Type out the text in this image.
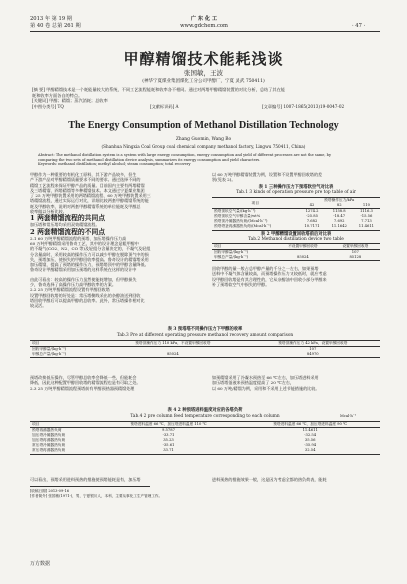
2013 年 第 19 期
第 40 卷 总第 261 期
广 东 化 工
www.gdchem.com	· 47 ·
甲醇精馏技术能耗浅谈
张国敏，王波
(神华宁夏煤业集团煤化工分公司甲醇厂，宁夏 灵武 750411)
[摘 要] 甲醇精馏技术是一个耗能量较大的系统，不同工艺流程能耗和收率各不相同。通过对两塔甲醇精馏装置的对比分析，总结了其在能
耗和收率方面各自的特点。
[关键词] 甲醇；精馏；蒸汽消耗；总收率
[中图分类号] TQ	[文献标识码] A	[文章编号] 1007-1865(2013)19-0047-02
The Energy Consumption of Methanol Distillation Technology
Zhang Guomin, Wang Bo
(Shanhua Ningxia Coal Group coal chemical company methanol factory, Lingwu 750411, China)
Abstract: The methanol distillation system is a system with large energy consumption, energy consumption and yield of different processes are not the same, by
comparing the two sets of methanol distillation device analysis, summarizes its energy consumption and yield characters.
Keywords: methanol distillation; methyl alcohol; steam consumption; total recovery
甲醇作为一种重要的有机化工原料，其下游产品较多，但生
产下游产品对甲醇精馏质量要求不同的要求。通过选择不同的
精馏工艺流程来保证甲醇产品的质量。目前国内主要有两塔精馏
及三塔精馏、四塔精馏等多种精馏技术。本文通过宁夏煤业集团
了 25 万吨甲醇装置采用的两塔精馏流程、60 万吨甲醇装置采用三
塔精馏流程，通过实际运行对比，详细比较两套甲醇精馏系统的能
耗及甲醇收率，说明对两套甲醇精馏系统的单位能耗及甲醇总
收率做以分析比较。
1 两套精馏流程的共同点
加压塔和常压塔均采用双效精馏流程。
2 两套精馏流程的不同点
2.1 60 万吨甲醇精馏流程的预塔、加压塔操作压力高
60 万吨甲醇精馏采用鲁奇工艺，其中的设计理念是粗甲醇中
的不凝气(CO2、N2、CO 等)及轻组分含量决定的，不凝气及轻组
分含量高时，采用较高的操作压力可以减少甲醇在脱除顶气中的损
失，预塔加压，使损失的甲醇回收率提高。鲁奇设计的精馏塔采用
加压精馏，提高了预塔的操作压力，预塔塔顶中的甲醇含量降低。
鲁奇设计甲醇精馏采用加压预塔的这样系统在这样的设计中
由此可看出：较高的操作压力虽然使能耗增加，但甲醇损失
少，鲁奇选择了高操作压力高甲醇收率的方案。
2.2 25 万吨甲醇精馏流程设置有甲醇回收塔
设置甲醇回收塔的好处是：常压塔侧线采出的杂醇油送到回收
塔回收甲醇后可以提高甲醇的总收率。此外，常压塔操作相对比
较灵活。
以 60 万吨甲醇精馏装置为例，设置和不设置甲醇回收塔的差
别(见表 2)。
表 1 三种操作压力下预塔软空气对比表
Tab.1 3 kinds of operation pressure pre top table of air
项目	预塔操作压力/kPa		
	42	82	110
预塔顶软空气量/(kg·h⁻¹)	1274.2	1158.8	1116.3
预塔顶软空气甲醇含量/wt%	-25.85	-18.47	-15.56
预塔顶冷凝器热负荷/(Mcal·h⁻¹)	7.682	7.692	7.713
预塔塔釜再沸器热负荷/(Mcal·h⁻¹)	10.7171	11.1642	11.4611
表 2 甲醇精馏设置回收塔前后对比表
Tab.2 Methanol distillation device two table
项目	不设置甲醇回收塔	设置甲醇回收塔
回收甲醇量/(kg·h⁻¹)		107
甲醇总产量/(kg·h⁻¹)	85024	85128
回收甲醇的量一般占总甲醇产量的千分之一左右，如果预塔
送料中不凝气体含量较高，而预塔操作压力又较低时，就应考虑
设甲醇回收塔是有其合理性的，它从杂醇油中回收小部分甲醇来
补了预塔软空气中损失的甲醇。
表 3 预塔塔不同操作压力下甲醇的收率
Tab.3 Pre at different operating pressure methanol recovery amount comparison
项目	预塔顶操作压力 110 kPa，不设置甲醇回收塔	预塔顶操作压力 42 kPa，设置甲醇回收塔
回收甲醇量/(kg·h⁻¹)		107
甲醇总产量/(kg·h⁻¹)	85024	84970
预塔改换低压操作，尽管甲醇总收率会降低一些，但能耗会
降低，因此这种配置甲醇回收塔的精馏流程也是有可取之处。
2.3 25 万吨甲醇精馏流程预塔前有甲醇预热器预精馏处理
如预精馏采用了冷凝水预热至 66 ℃左右，加压塔进料采用
加压塔塔釜液来预热温度提高了 20 ℃左右，
以 60 万吨/精馏为例，采用和不采用上述节能措施的比较。
表 4 2 种预塔进料温度对应的各塔负荷
Tab.4 2 pre column feed temperature corresponding to each column	Mcal·h⁻¹
项目	预塔进料温度 66 ℃，加压塔进料温度 110 ℃	预塔进料温度 66 ℃，加压塔进料温度 90 ℃
预塔再沸器热负荷	9.5787	11.4611
加压塔冷凝器热负荷	-33.71	-32.54
加压塔再沸器热负荷	35.23	35.56
常压塔冷凝器热负荷	-35.61	-35.94
常压塔再沸器热负荷	33.71	32.54
可以看出，预塔采用进料预热的措施使预塔能耗是有，加压塔	进料预热的措施效果一般，这是因为考虑全都的热负荷表，能耗
[收稿日期] 2013-09-16
[作者简介] 张国敏(1971-)，男，宁夏银川人，本科，主要从事化工生产管理工作。
万方数据
